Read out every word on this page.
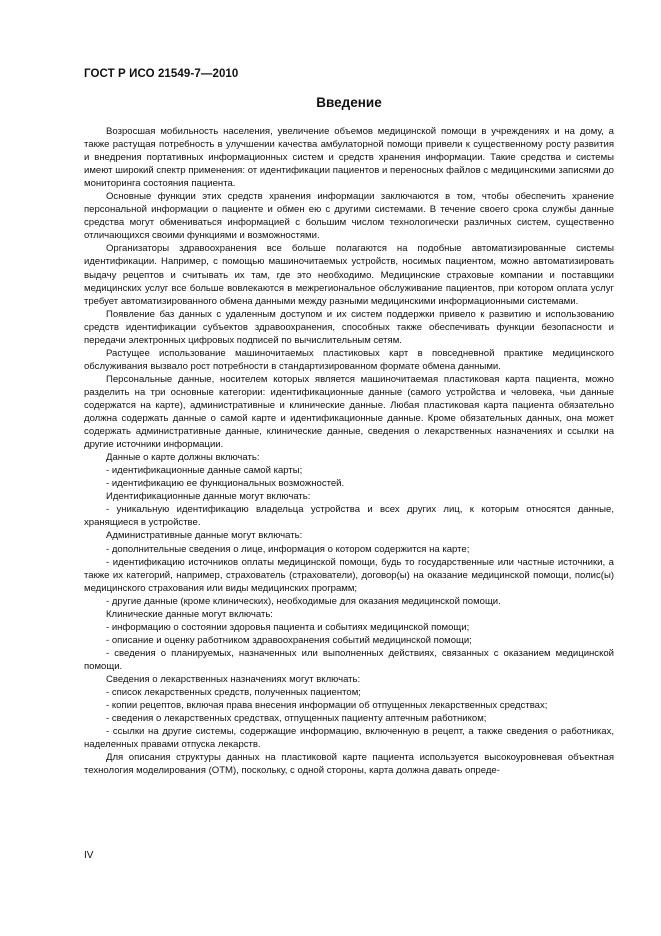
ГОСТ Р ИСО 21549-7—2010
Введение

Возросшая мобильность населения, увеличение объемов медицинской помощи в учреждениях и на дому, а также растущая потребность в улучшении качества амбулаторной помощи привели к существенному росту развития и внедрения портативных информационных систем и средств хранения информации. Такие средства и системы имеют широкий спектр применения: от идентификации пациентов и переносных файлов с медицинскими записями до мониторинга состояния пациента.

Основные функции этих средств хранения информации заключаются в том, чтобы обеспечить хранение персональной информации о пациенте и обмен ею с другими системами. В течение своего срока службы данные средства могут обмениваться информацией с большим числом технологически различных систем, существенно отличающихся своими функциями и возможностями.

Организаторы здравоохранения все больше полагаются на подобные автоматизированные системы идентификации. Например, с помощью машиночитаемых устройств, носимых пациентом, можно автоматизировать выдачу рецептов и считывать их там, где это необходимо. Медицинские страховые компании и поставщики медицинских услуг все больше вовлекаются в межрегиональное обслуживание пациентов, при котором оплата услуг требует автоматизированного обмена данными между разными медицинскими информационными системами.

Появление баз данных с удаленным доступом и их систем поддержки привело к развитию и использованию средств идентификации субъектов здравоохранения, способных также обеспечивать функции безопасности и передачи электронных цифровых подписей по вычислительным сетям.

Растущее использование машиночитаемых пластиковых карт в повседневной практике медицинского обслуживания вызвало рост потребности в стандартизированном формате обмена данными.

Персональные данные, носителем которых является машиночитаемая пластиковая карта пациента, можно разделить на три основные категории: идентификационные данные (самого устройства и человека, чьи данные содержатся на карте), административные и клинические данные. Любая пластиковая карта пациента обязательно должна содержать данные о самой карте и идентификационные данные. Кроме обязательных данных, она может содержать административные данные, клинические данные, сведения о лекарственных назначениях и ссылки на другие источники информации.

Данные о карте должны включать:

- идентификационные данные самой карты;

- идентификацию ее функциональных возможностей.

Идентификационные данные могут включать:

- уникальную идентификацию владельца устройства и всех других лиц, к которым относятся данные, хранящиеся в устройстве.

Административные данные могут включать:

- дополнительные сведения о лице, информация о котором содержится на карте;

- идентификацию источников оплаты медицинской помощи, будь то государственные или частные источники, а также их категорий, например, страхователь (страхователи), договор(ы) на оказание медицинской помощи, полис(ы) медицинского страхования или виды медицинских программ;

- другие данные (кроме клинических), необходимые для оказания медицинской помощи.

Клинические данные могут включать:

- информацию о состоянии здоровья пациента и событиях медицинской помощи;

- описание и оценку работником здравоохранения событий медицинской помощи;

- сведения о планируемых, назначенных или выполненных действиях, связанных с оказанием медицинской помощи.

Сведения о лекарственных назначениях могут включать:

- список лекарственных средств, полученных пациентом;

- копии рецептов, включая права внесения информации об отпущенных лекарственных средствах;

- сведения о лекарственных средствах, отпущенных пациенту аптечным работником;

- ссылки на другие системы, содержащие информацию, включенную в рецепт, а также сведения о работниках, наделенных правами отпуска лекарств.

Для описания структуры данных на пластиковой карте пациента используется высокоуровневая объектная технология моделирования (ОТМ), поскольку, с одной стороны, карта должна давать опреде-

IV
